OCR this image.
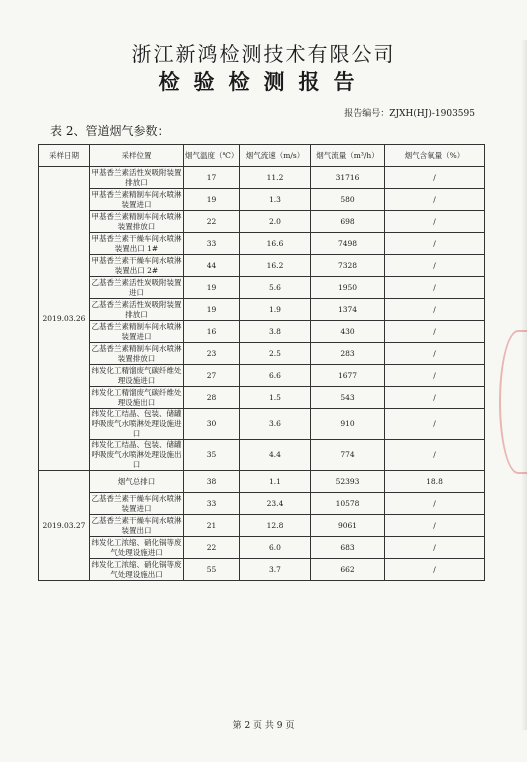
浙江新鸿检测技术有限公司
检验检测报告
报告编号：ZJXH(HJ)-1903595
表 2、管道烟气参数：
采样日期	采样位置	烟气温度（℃）	烟气流速（m/s）	烟气流量（m³/h）	烟气含氧量（%）
2019.03.26	甲基香兰素活性炭吸附装置排放口	17	11.2	31716	/
	甲基香兰素精制车间水喷淋装置进口	19	1.3	580	/
	甲基香兰素精制车间水喷淋装置排放口	22	2.0	698	/
	甲基香兰素干燥车间水喷淋装置出口 1#	33	16.6	7498	/
	甲基香兰素干燥车间水喷淋装置出口 2#	44	16.2	7328	/
	乙基香兰素活性炭吸附装置进口	19	5.6	1950	/
	乙基香兰素活性炭吸附装置排放口	19	1.9	1374	/
	乙基香兰素精制车间水喷淋装置进口	16	3.8	430	/
	乙基香兰素精制车间水喷淋装置排放口	23	2.5	283	/
	纬发化工精馏废气碳纤维处理设施进口	27	6.6	1677	/
	纬发化工精馏废气碳纤维处理设施出口	28	1.5	543	/
	纬发化工结晶、包装、储罐呼吸废气水喷淋处理设施进口	30	3.6	910	/
	纬发化工结晶、包装、储罐呼吸废气水喷淋处理设施出口	35	4.4	774	/
2019.03.27	烟气总排口	38	1.1	52393	18.8
	乙基香兰素干燥车间水喷淋装置进口	33	23.4	10578	/
	乙基香兰素干燥车间水喷淋装置出口	21	12.8	9061	/
	纬发化工浓缩、硝化锅等废气处理设施进口	22	6.0	683	/
	纬发化工浓缩、硝化锅等废气处理设施出口	55	3.7	662	/
第 2 页 共 9 页
